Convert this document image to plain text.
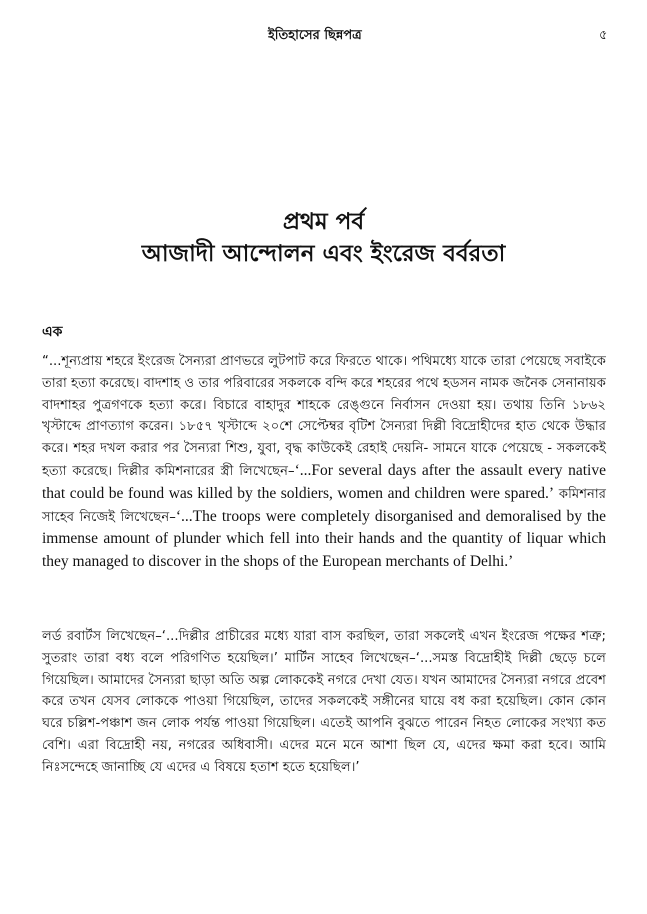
ইতিহাসের ছিন্নপত্র	৫
প্রথম পর্ব
আজাদী আন্দোলন এবং ইংরেজ বর্বরতা
এক

“...শূন্যপ্রায় শহরে ইংরেজ সৈন্যরা প্রাণভরে লুটপাট করে ফিরতে থাকে। পথিমধ্যে যাকে তারা পেয়েছে সবাইকে তারা হত্যা করেছে। বাদশাহ ও তার পরিবারের সকলকে বন্দি করে শহরের পথে হডসন নামক জনৈক সেনানায়ক বাদশাহর পুত্রগণকে হত্যা করে। বিচারে বাহাদুর শাহকে রেঙ্গুনে নির্বাসন দেওয়া হয়। তথায় তিনি ১৮৬২ খৃস্টাব্দে প্রাণত্যাগ করেন। ১৮৫৭ খৃস্টাব্দে ২০শে সেপ্টেম্বর বৃটিশ সৈন্যরা দিল্লী বিদ্রোহীদের হাত থেকে উদ্ধার করে। শহর দখল করার পর সৈন্যরা শিশু, যুবা, বৃদ্ধ কাউকেই রেহাই দেয়নি- সামনে যাকে পেয়েছে - সকলকেই হত্যা করেছে। দিল্লীর কমিশনারের স্ত্রী লিখেছেন–‘...For several days after the assault every native that could be found was killed by the soldiers, women and children were spared.’ কমিশনার সাহেব নিজেই লিখেছেন–‘...The troops were completely disorganised and demoralised by the immense amount of plunder which fell into their hands and the quantity of liquar which they managed to discover in the shops of the European merchants of Delhi.’

লর্ড রবার্টস লিখেছেন–‘...দিল্লীর প্রাচীরের মধ্যে যারা বাস করছিল, তারা সকলেই এখন ইংরেজ পক্ষের শত্রু; সুতরাং তারা বধ্য বলে পরিগণিত হয়েছিল।’ মার্টিন সাহেব লিখেছেন–‘...সমস্ত বিদ্রোহীই দিল্লী ছেড়ে চলে গিয়েছিল। আমাদের সৈন্যরা ছাড়া অতি অল্প লোককেই নগরে দেখা যেত। যখন আমাদের সৈন্যরা নগরে প্রবেশ করে তখন যেসব লোককে পাওয়া গিয়েছিল, তাদের সকলকেই সঙ্গীনের ঘায়ে বধ করা হয়েছিল। কোন কোন ঘরে চল্লিশ-পঞ্চাশ জন লোক পর্যন্ত পাওয়া গিয়েছিল। এতেই আপনি বুঝতে পারেন নিহত লোকের সংখ্যা কত বেশি। এরা বিদ্রোহী নয়, নগরের অধিবাসী। এদের মনে মনে আশা ছিল যে, এদের ক্ষমা করা হবে। আমি নিঃসন্দেহে জানাচ্ছি যে এদের এ বিষয়ে হতাশ হতে হয়েছিল।’
